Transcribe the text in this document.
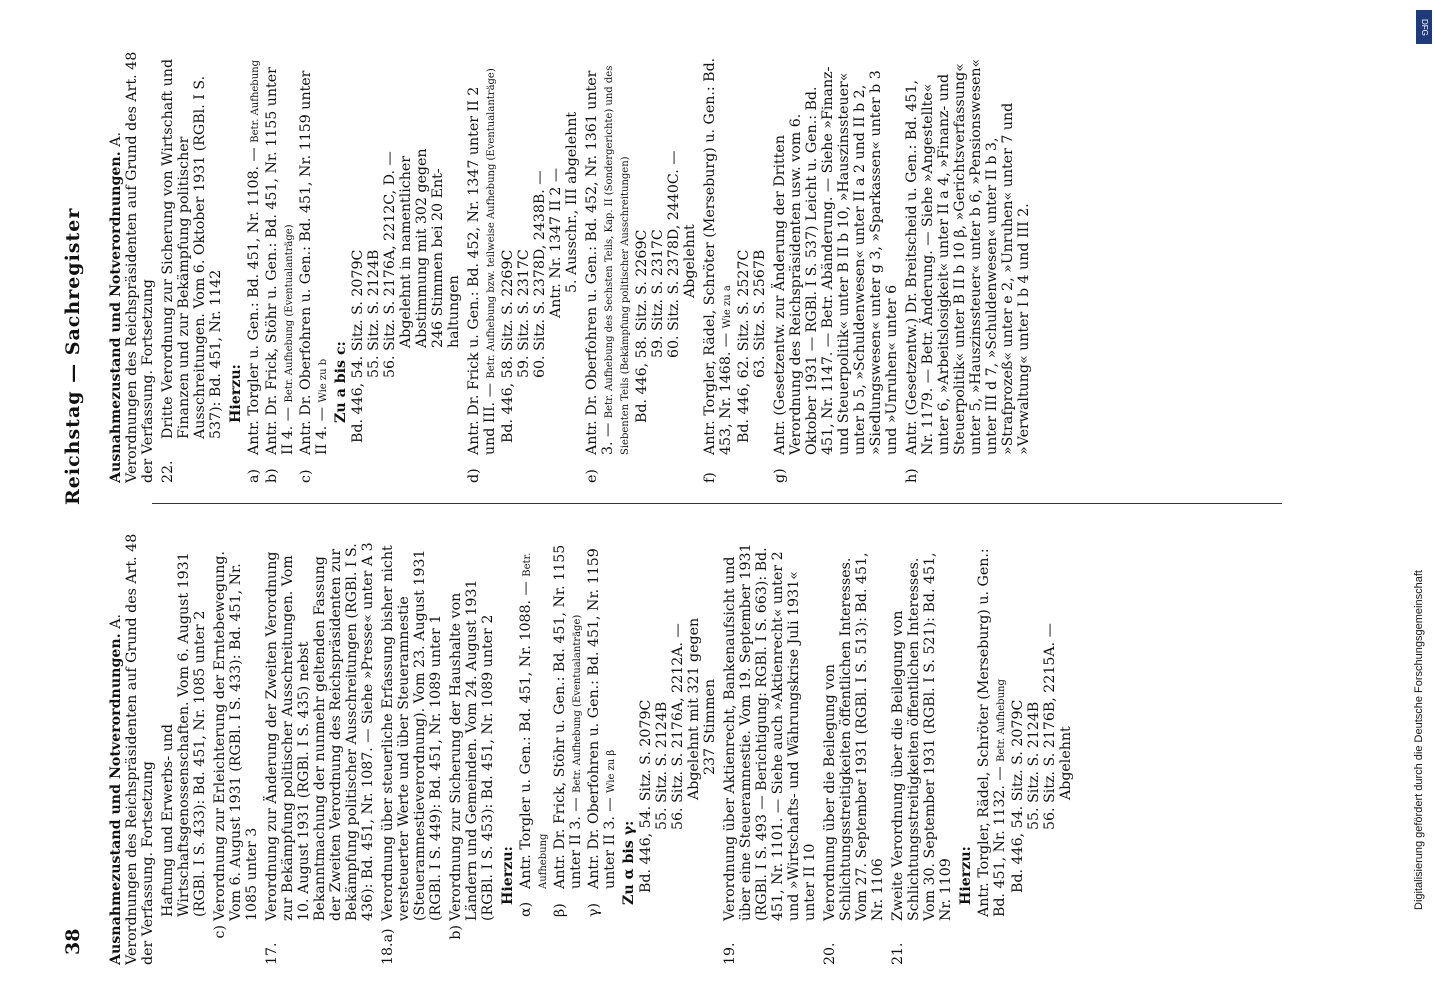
38
Reichstag — Sachregister
Ausnahmezustand und Notverordnungen. A. Verordnungen des Reichspräsidenten auf Grund des Art. 48 der Verfassung. Fortsetzung Haftung und Erwerbs- und Wirtschaftsgenossenschaften. Vom 6. August 1931 (RGBl. I S. 433): Bd. 451, Nr. 1085 unter 2
c)Verordnung zur Erleichterung der Erntebewegung. Vom 6. August 1931 (RGBl. I S. 433): Bd. 451, Nr. 1085 unter 3
17.Verordnung zur Änderung der Zweiten Verordnung zur Bekämpfung politischer Ausschreitungen. Vom 10. August 1931 (RGBl. I S. 435) nebst Bekanntmachung der nunmehr geltenden Fassung der Zweiten Verordnung des Reichspräsidenten zur Bekämpfung politischer Ausschreitungen (RGBl. I S. 436): Bd. 451, Nr. 1087. — Siehe »Presse« unter A 3
18.a)Verordnung über steuerliche Erfassung bisher nicht versteuerter Werte und über Steueramnestie (Steueramnestieverordnung). Vom 23. August 1931 (RGBl. I S. 449): Bd. 451, Nr. 1089 unter 1
b)Verordnung zur Sicherung der Haushalte von Ländern und Gemeinden. Vom 24. August 1931 (RGBl. I S. 453): Bd. 451, Nr. 1089 unter 2 Hierzu:
α)Antr. Torgler u. Gen.: Bd. 451, Nr. 1088. — Betr. Aufhebung
β)Antr. Dr. Frick, Stöhr u. Gen.: Bd. 451, Nr. 1155 unter II 3. — Betr. Aufhebung (Eventualanträge)
γ)Antr. Dr. Oberfohren u. Gen.: Bd. 451, Nr. 1159 unter II 3. — Wie zu β
Zu α bis γ: Bd. 446, 54. Sitz. S. 2079C 55. Sitz. S. 2124B 56. Sitz. S. 2176A, 2212A. — Abgelehnt mit 321 gegen 237 Stimmen
19.Verordnung über Aktienrecht, Bankenaufsicht und über eine Steueramnestie. Vom 19. September 1931 (RGBl. I S. 493 — Berichtigung: RGBl. I S. 663): Bd. 451, Nr. 1101. — Siehe auch »Aktienrecht« unter 2 und »Wirtschafts- und Währungskrise Juli 1931« unter II 10
20.Verordnung über die Beilegung von Schlichtungsstreitigkeiten öffentlichen Interesses. Vom 27. September 1931 (RGBl. I S. 513): Bd. 451, Nr. 1106
21.Zweite Verordnung über die Beilegung von Schlichtungsstreitigkeiten öffentlichen Interesses. Vom 30. September 1931 (RGBl. I S. 521): Bd. 451, Nr. 1109 Hierzu: Antr. Torgler, Rädel, Schröter (Merseburg) u. Gen.: Bd. 451, Nr. 1132. — Betr. Aufhebung Bd. 446, 54. Sitz. S. 2079C 55. Sitz. S. 2124B 56. Sitz. S. 2176B, 2215A. — Abgelehnt
Ausnahmezustand und Notverordnungen. A. Verordnungen des Reichspräsidenten auf Grund des Art. 48 der Verfassung. Fortsetzung 22.Dritte Verordnung zur Sicherung von Wirtschaft und Finanzen und zur Bekämpfung politischer Ausschreitungen. Vom 6. Oktober 1931 (RGBl. I S. 537): Bd. 451, Nr. 1142 Hierzu:
a)Antr. Torgler u. Gen.: Bd. 451, Nr. 1108. — Betr. Aufhebung
b)Antr. Dr. Frick, Stöhr u. Gen.: Bd. 451, Nr. 1155 unter II 4. — Betr. Aufhebung (Eventualanträge)
c)Antr. Dr. Oberfohren u. Gen.: Bd. 451, Nr. 1159 unter II 4. — Wie zu b Zu a bis c: Bd. 446, 54. Sitz. S. 2079C 55. Sitz. S. 2124B 56. Sitz. S. 2176A, 2212C, D. — Abgelehnt in namentlicher Abstimmung mit 302 gegen 246 Stimmen bei 20 Ent- haltungen
d)Antr. Dr. Frick u. Gen.: Bd. 452, Nr. 1347 unter II 2 und III. — Betr. Aufhebung bzw. teilweise Aufhebung (Eventualanträge) Bd. 446, 58. Sitz. S. 2269C 59. Sitz. S. 2317C 60. Sitz. S. 2378D, 2438B. — Antr. Nr. 1347 II 2 — 5. Ausschr., III abgelehnt
e)Antr. Dr. Oberfohren u. Gen.: Bd. 452, Nr. 1361 unter 3. — Betr. Aufhebung des Sechsten Teils, Kap. II (Sondergerichte) und des Siebenten Teils (Bekämpfung politischer Ausschreitungen) Bd. 446, 58. Sitz. S. 2269C 59. Sitz. S. 2317C 60. Sitz. S. 2378D, 2440C. — Abgelehnt
f)Antr. Torgler, Rädel, Schröter (Merseburg) u. Gen.: Bd. 453, Nr. 1468. — Wie zu a Bd. 446, 62. Sitz. S. 2527C 63. Sitz. S. 2567B
g)Antr. (Gesetzentw. zur Änderung der Dritten Verordnung des Reichspräsidenten usw. vom 6. Oktober 1931 — RGBl. I S. 537) Leicht u. Gen.: Bd. 451, Nr. 1147. — Betr. Abänderung. — Siehe »Finanz- und Steuerpolitik« unter B II b 10, »Hauszinssteuer« unter b 5, »Schuldenwesen« unter II a 2 und II b 2, »Siedlungswesen« unter g 3, »Sparkassen« unter b 3 und »Unruhen« unter 6
h)Antr. (Gesetzentw.) Dr. Breitscheid u. Gen.: Bd. 451, Nr. 1179. — Betr. Änderung. — Siehe »Angestellte« unter 6, »Arbeitslosigkeit« unter II a 4, »Finanz- und Steuerpolitik« unter B II b 10 β, »Gerichtsverfassung« unter 5, »Hauszinssteuer« unter b 6, »Pensionswesen« unter III d 7, »Schuldenwesen« unter II b 3, »Strafprozeß« unter e 2, »Unruhen« unter 7 und »Verwaltung« unter I b 4 und III 2.
Digitalisierung gefördert durch die Deutsche Forschungsgemeinschaft
DFG
